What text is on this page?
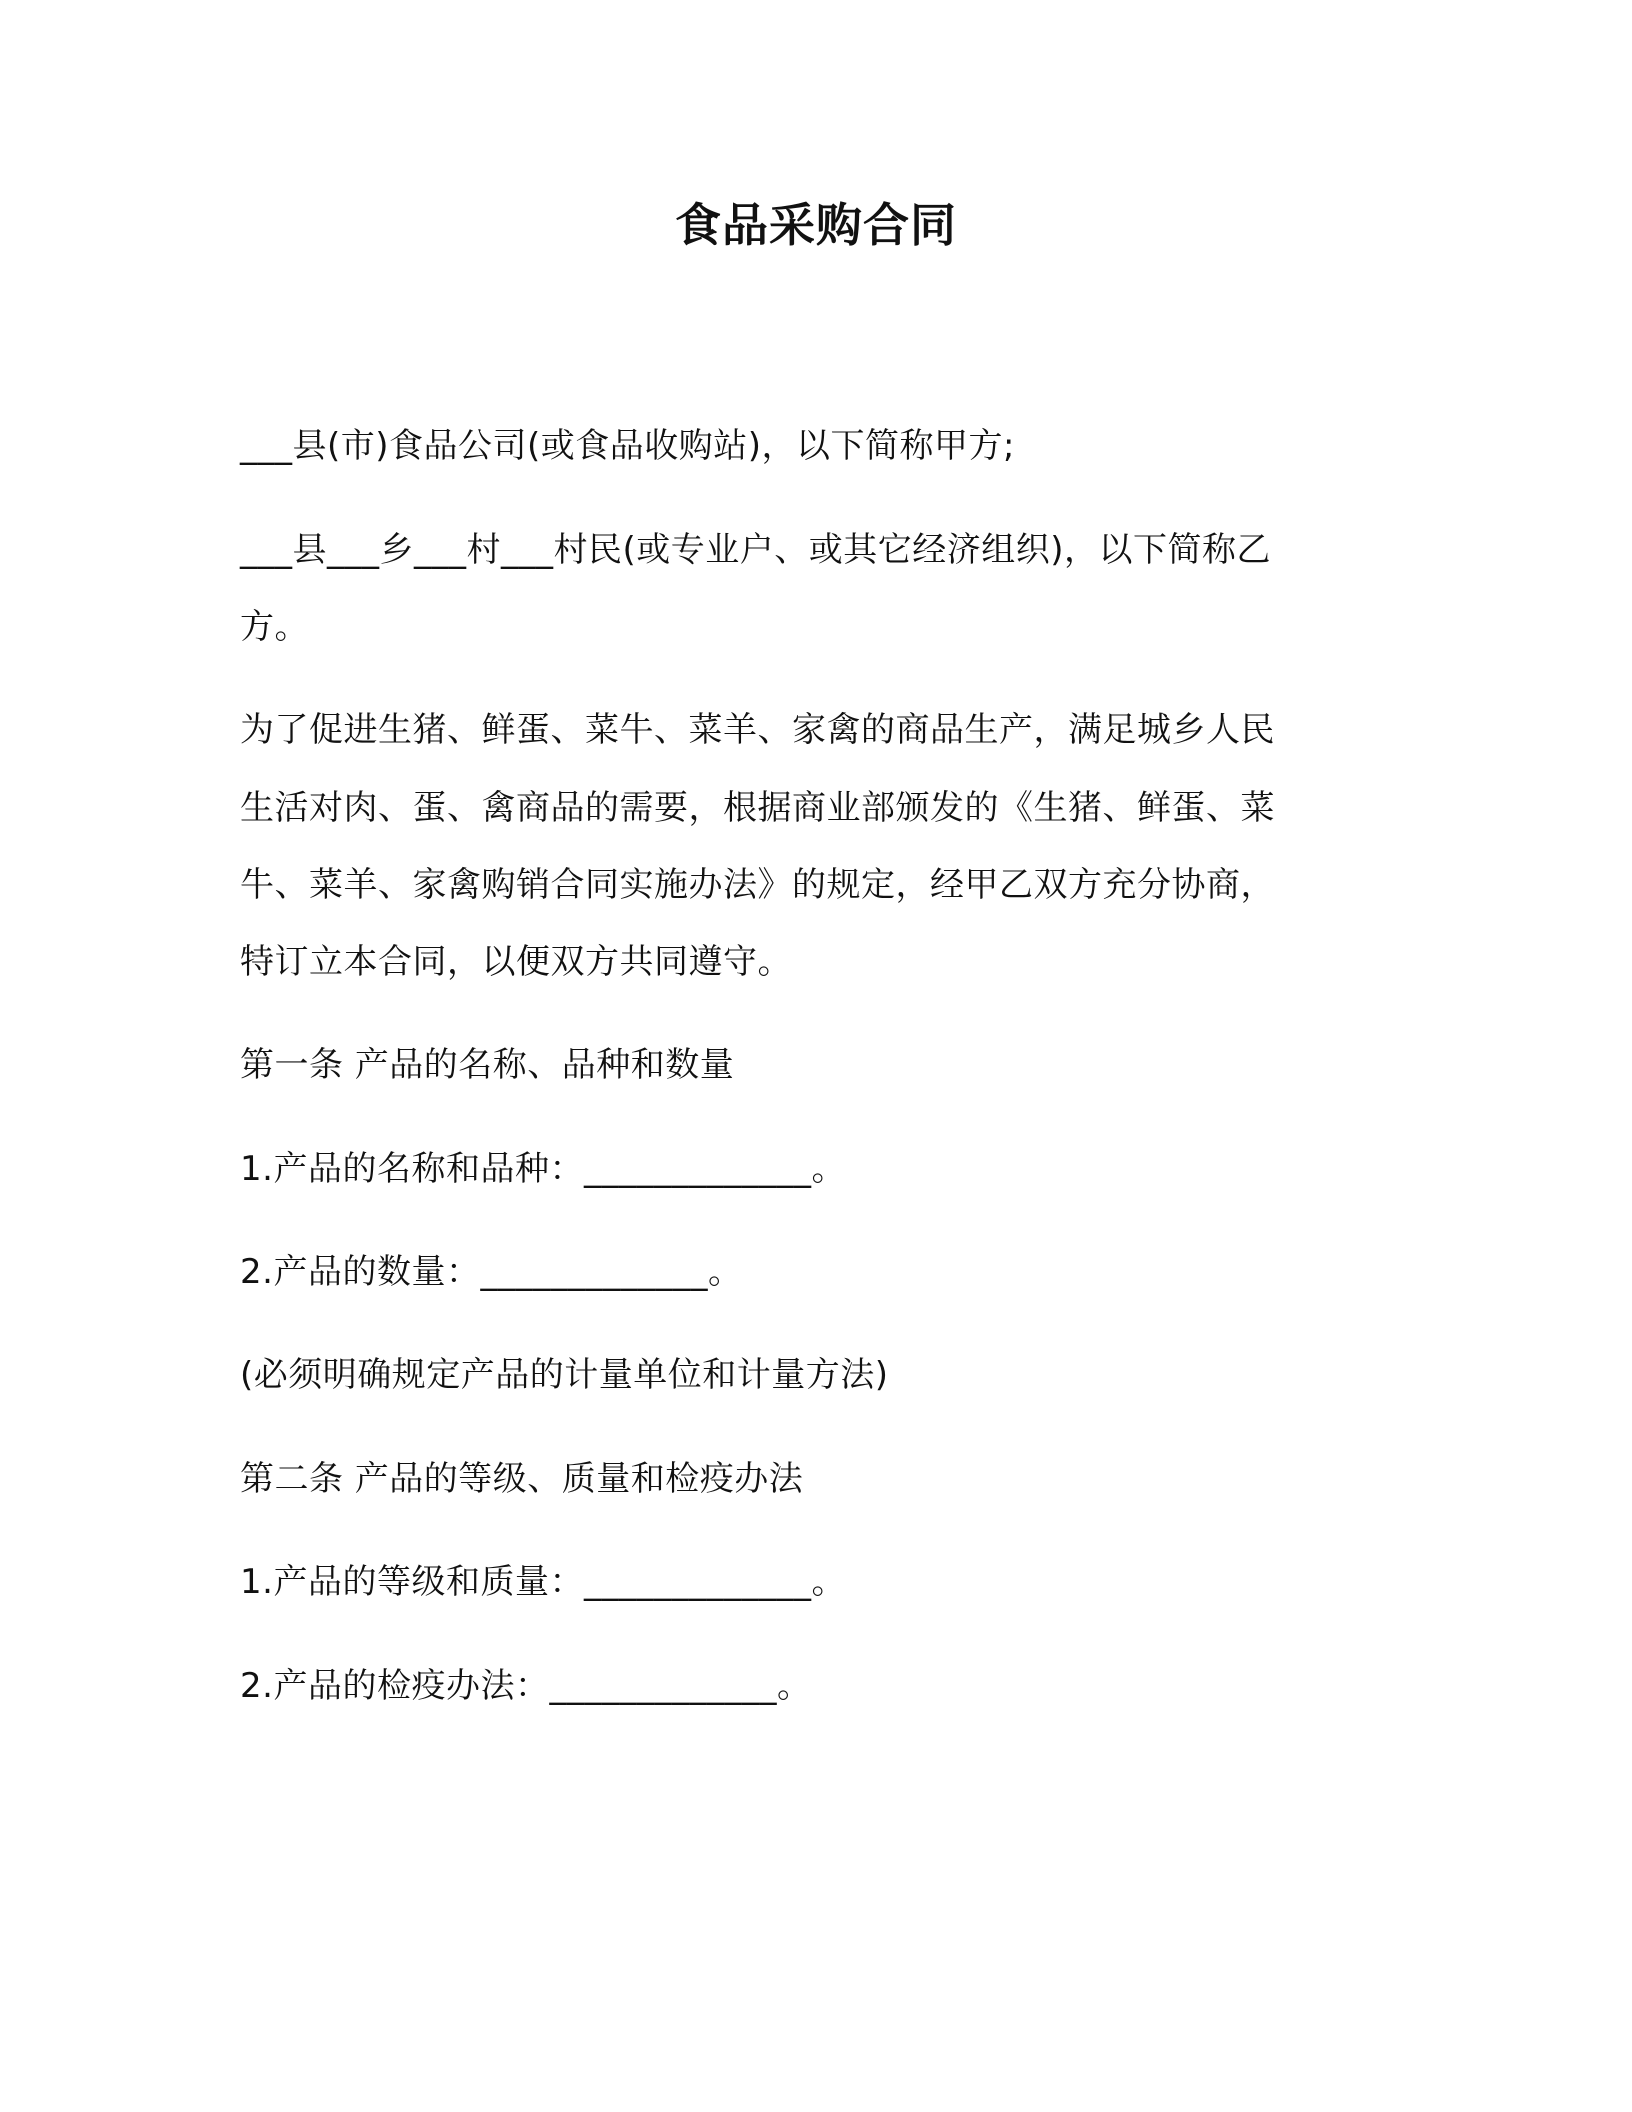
食品采购合同
___县(市)食品公司(或食品收购站)，以下简称甲方;
___县___乡___村___村民(或专业户、或其它经济组织)，以下简称乙
方。
为了促进生猪、鲜蛋、菜牛、菜羊、家禽的商品生产，满足城乡人民
生活对肉、蛋、禽商品的需要，根据商业部颁发的《生猪、鲜蛋、菜
牛、菜羊、家禽购销合同实施办法》的规定，经甲乙双方充分协商，
特订立本合同，以便双方共同遵守。
第一条 产品的名称、品种和数量
1.产品的名称和品种：_____________。
2.产品的数量：_____________。
(必须明确规定产品的计量单位和计量方法)
第二条 产品的等级、质量和检疫办法
1.产品的等级和质量：_____________。
2.产品的检疫办法：_____________。
